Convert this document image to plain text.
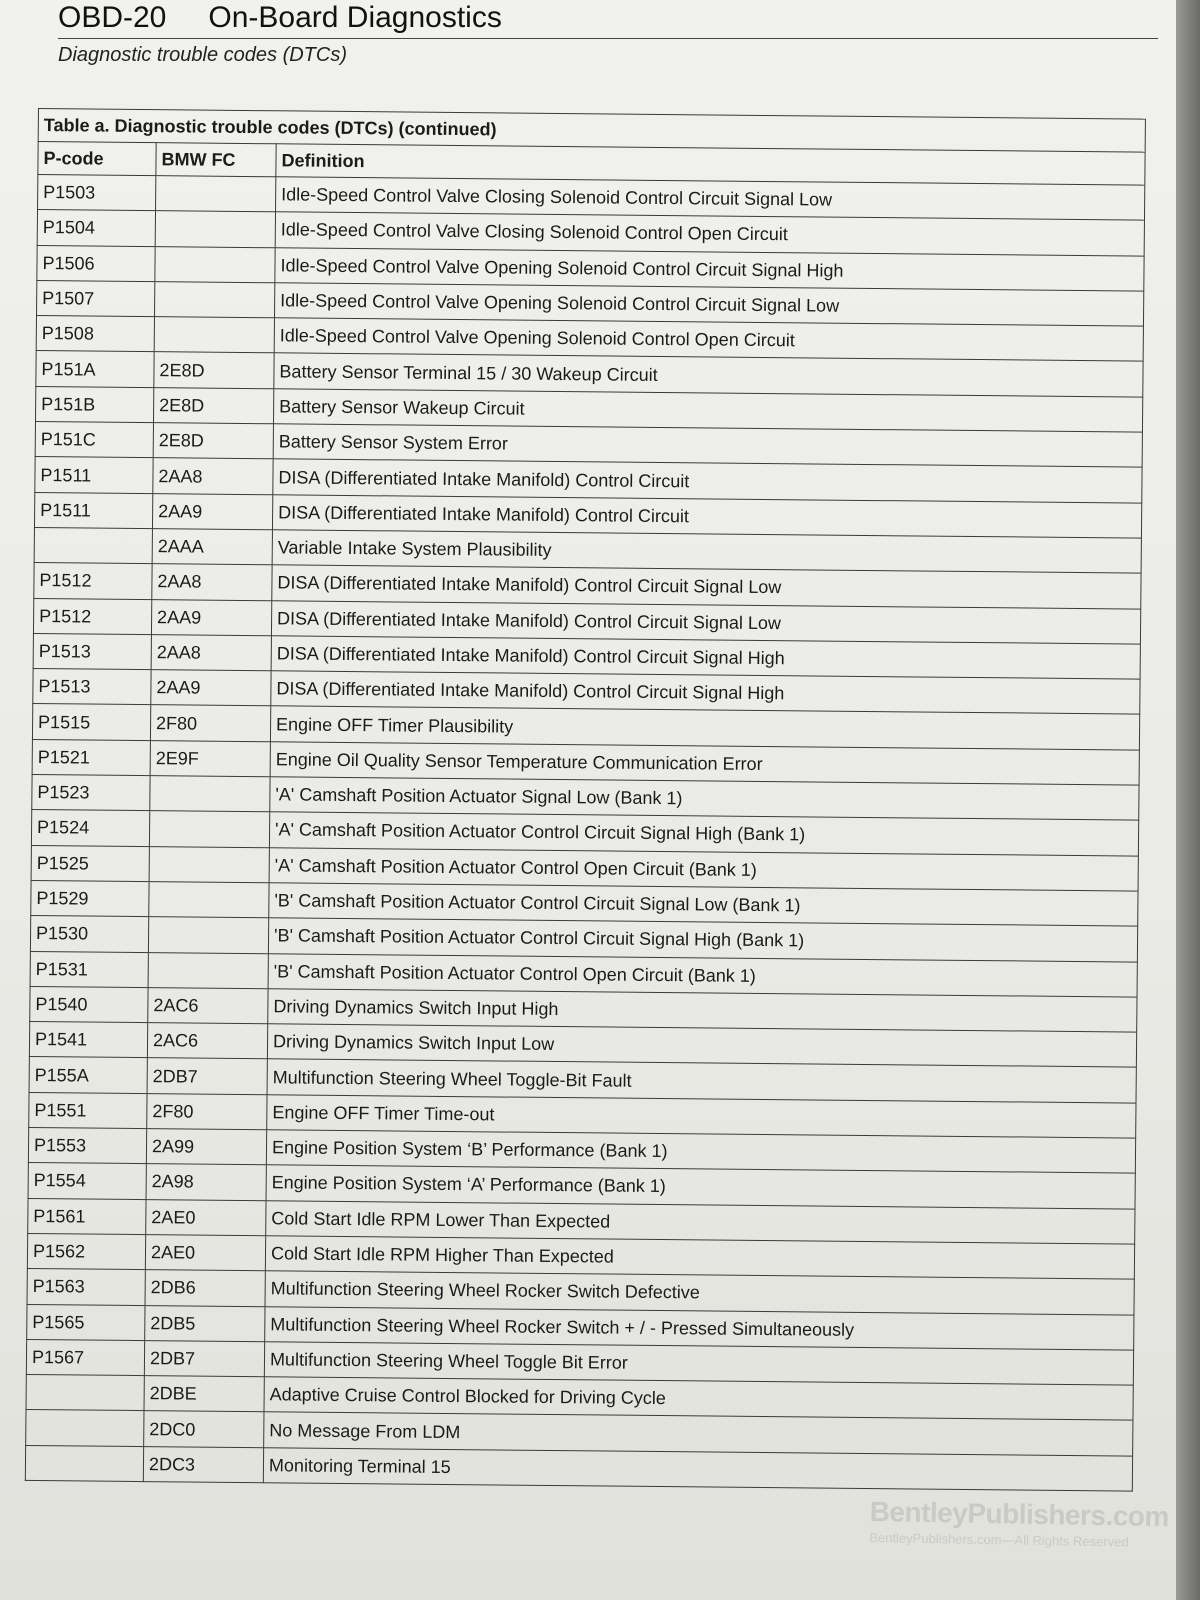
OBD-20 On-Board Diagnostics
Diagnostic trouble codes (DTCs)
Table a. Diagnostic trouble codes (DTCs) (continued)		
P-code	BMW FC	Definition
P1503		Idle-Speed Control Valve Closing Solenoid Control Circuit Signal Low
P1504		Idle-Speed Control Valve Closing Solenoid Control Open Circuit
P1506		Idle-Speed Control Valve Opening Solenoid Control Circuit Signal High
P1507		Idle-Speed Control Valve Opening Solenoid Control Circuit Signal Low
P1508		Idle-Speed Control Valve Opening Solenoid Control Open Circuit
P151A	2E8D	Battery Sensor Terminal 15 / 30 Wakeup Circuit
P151B	2E8D	Battery Sensor Wakeup Circuit
P151C	2E8D	Battery Sensor System Error
P1511	2AA8	DISA (Differentiated Intake Manifold) Control Circuit
P1511	2AA9	DISA (Differentiated Intake Manifold) Control Circuit
	2AAA	Variable Intake System Plausibility
P1512	2AA8	DISA (Differentiated Intake Manifold) Control Circuit Signal Low
P1512	2AA9	DISA (Differentiated Intake Manifold) Control Circuit Signal Low
P1513	2AA8	DISA (Differentiated Intake Manifold) Control Circuit Signal High
P1513	2AA9	DISA (Differentiated Intake Manifold) Control Circuit Signal High
P1515	2F80	Engine OFF Timer Plausibility
P1521	2E9F	Engine Oil Quality Sensor Temperature Communication Error
P1523		'A' Camshaft Position Actuator Signal Low (Bank 1)
P1524		'A' Camshaft Position Actuator Control Circuit Signal High (Bank 1)
P1525		'A' Camshaft Position Actuator Control Open Circuit (Bank 1)
P1529		'B' Camshaft Position Actuator Control Circuit Signal Low (Bank 1)
P1530		'B' Camshaft Position Actuator Control Circuit Signal High (Bank 1)
P1531		'B' Camshaft Position Actuator Control Open Circuit (Bank 1)
P1540	2AC6	Driving Dynamics Switch Input High
P1541	2AC6	Driving Dynamics Switch Input Low
P155A	2DB7	Multifunction Steering Wheel Toggle-Bit Fault
P1551	2F80	Engine OFF Timer Time-out
P1553	2A99	Engine Position System ‘B’ Performance (Bank 1)
P1554	2A98	Engine Position System ‘A’ Performance (Bank 1)
P1561	2AE0	Cold Start Idle RPM Lower Than Expected
P1562	2AE0	Cold Start Idle RPM Higher Than Expected
P1563	2DB6	Multifunction Steering Wheel Rocker Switch Defective
P1565	2DB5	Multifunction Steering Wheel Rocker Switch + / - Pressed Simultaneously
P1567	2DB7	Multifunction Steering Wheel Toggle Bit Error
	2DBE	Adaptive Cruise Control Blocked for Driving Cycle
	2DC0	No Message From LDM
	2DC3	Monitoring Terminal 15
BentleyPublishers.com
BentleyPublishers.com—All Rights Reserved
